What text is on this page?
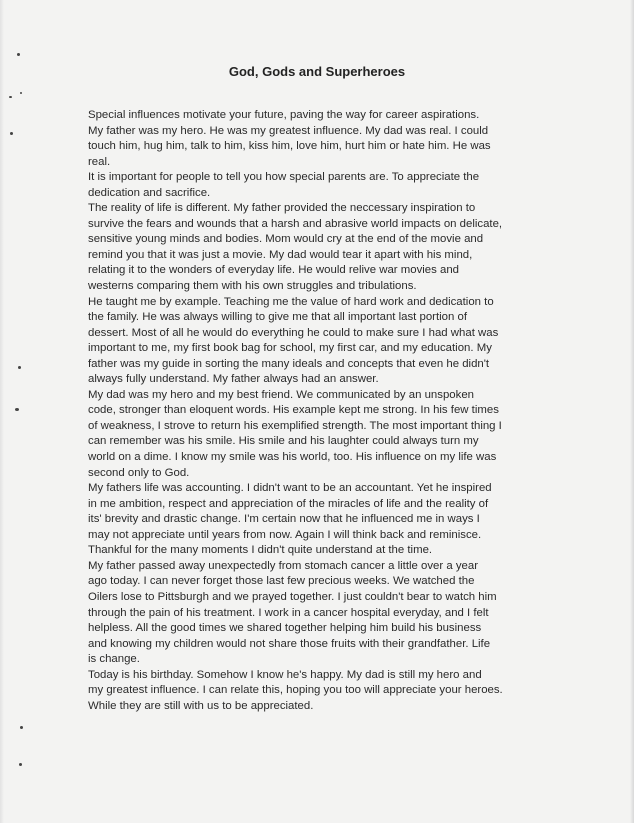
God, Gods and Superheroes

Special influences motivate your future, paving the way for career aspirations.
My father was my hero. He was my greatest influence. My dad was real. I could
touch him, hug him, talk to him, kiss him, love him, hurt him or hate him. He was
real.
It is important for people to tell you how special parents are. To appreciate the
dedication and sacrifice.
The reality of life is different. My father provided the neccessary inspiration to
survive the fears and wounds that a harsh and abrasive world impacts on delicate,
sensitive young minds and bodies. Mom would cry at the end of the movie and
remind you that it was just a movie. My dad would tear it apart with his mind,
relating it to the wonders of everyday life. He would relive war movies and
westerns comparing them with his own struggles and tribulations.
He taught me by example. Teaching me the value of hard work and dedication to
the family. He was always willing to give me that all important last portion of
dessert. Most of all he would do everything he could to make sure I had what was
important to me, my first book bag for school, my first car, and my education. My
father was my guide in sorting the many ideals and concepts that even he didn't
always fully understand. My father always had an answer.
My dad was my hero and my best friend. We communicated by an unspoken
code, stronger than eloquent words. His example kept me strong. In his few times
of weakness, I strove to return his exemplified strength. The most important thing I
can remember was his smile. His smile and his laughter could always turn my
world on a dime. I know my smile was his world, too. His influence on my life was
second only to God.
My fathers life was accounting. I didn't want to be an accountant. Yet he inspired
in me ambition, respect and appreciation of the miracles of life and the reality of
its' brevity and drastic change. I'm certain now that he influenced me in ways I
may not appreciate until years from now. Again I will think back and reminisce.
Thankful for the many moments I didn't quite understand at the time.
My father passed away unexpectedly from stomach cancer a little over a year
ago today. I can never forget those last few precious weeks. We watched the
Oilers lose to Pittsburgh and we prayed together. I just couldn't bear to watch him
through the pain of his treatment. I work in a cancer hospital everyday, and I felt
helpless. All the good times we shared together helping him build his business
and knowing my children would not share those fruits with their grandfather. Life
is change.
Today is his birthday. Somehow I know he's happy. My dad is still my hero and
my greatest influence. I can relate this, hoping you too will appreciate your heroes.
While they are still with us to be appreciated.
